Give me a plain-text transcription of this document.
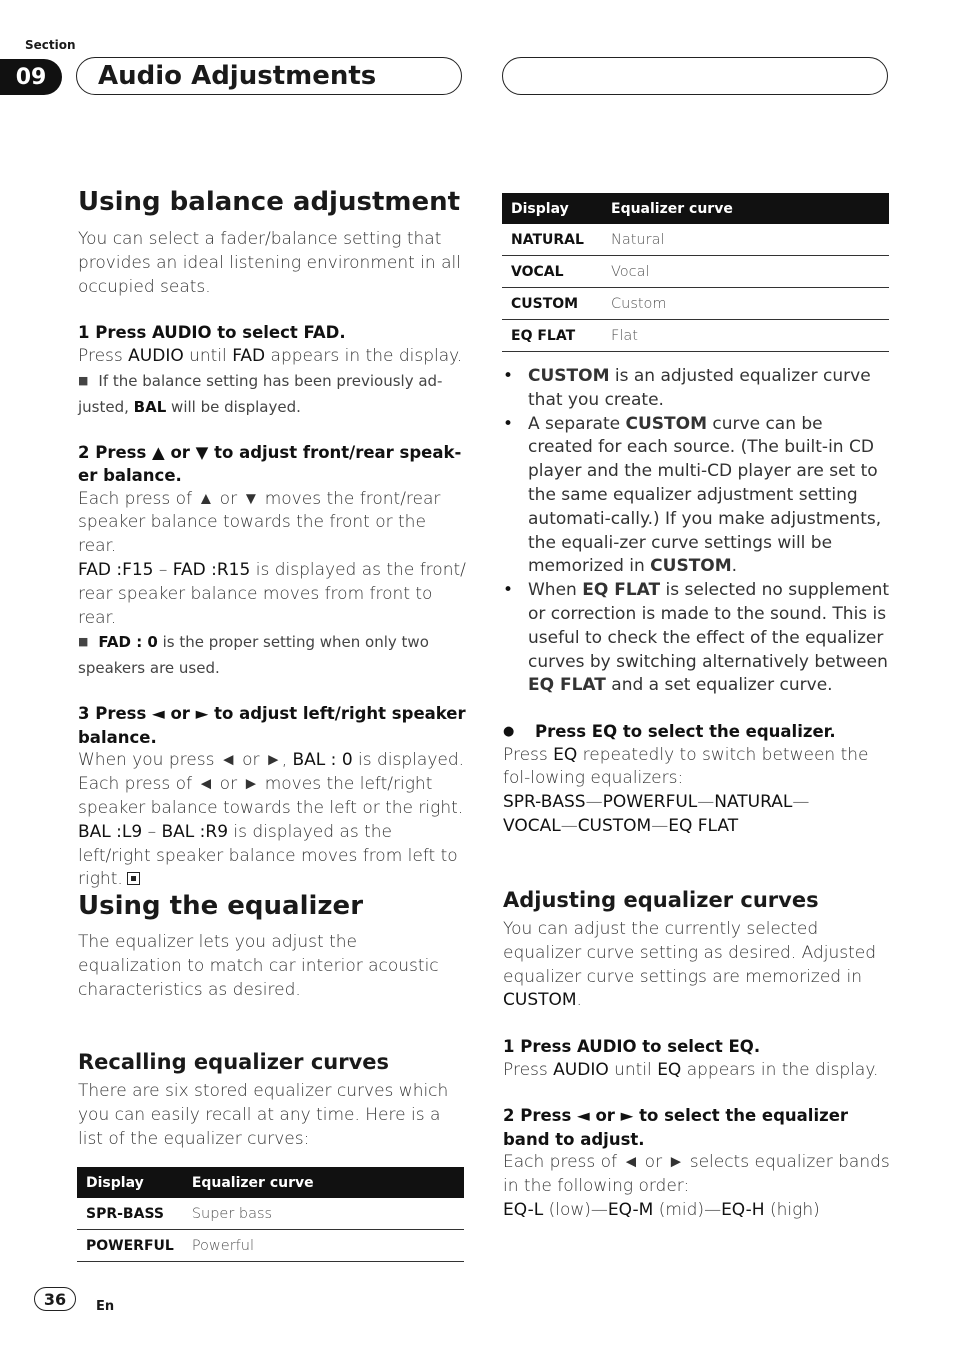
Section
09	Audio Adjustments
Using balance adjustment

You can select a fader/balance setting that provides an ideal listening environment in all occupied seats.

1 Press AUDIO to select FAD.

Press AUDIO until FAD appears in the display.

■ If the balance setting has been previously ad-justed, BAL will be displayed.

2 Press ▲ or ▼ to adjust front/rear speak-er balance.

Each press of ▲ or ▼ moves the front/rear speaker balance towards the front or the rear.
FAD :F15 – FAD :R15 is displayed as the front/ rear speaker balance moves from front to rear.

■ FAD : 0 is the proper setting when only two speakers are used.

3 Press ◄ or ► to adjust left/right speaker balance.

When you press ◄ or ►, BAL : 0 is displayed.
Each press of ◄ or ► moves the left/right speaker balance towards the left or the right.
BAL :L9 – BAL :R9 is displayed as the left/right speaker balance moves from left to right.

Using the equalizer

The equalizer lets you adjust the equalization to match car interior acoustic characteristics as desired.

Recalling equalizer curves

There are six stored equalizer curves which you can easily recall at any time. Here is a list of the equalizer curves:

Display	Equalizer curve
SPR-BASS	Super bass
POWERFUL	Powerful
Display	Equalizer curve
NATURAL	Natural
VOCAL	Vocal
CUSTOM	Custom
EQ FLAT	Flat
• CUSTOM is an adjusted equalizer curve that you create.
• A separate CUSTOM curve can be created for each source. (The built-in CD player and the multi-CD player are set to the same equalizer adjustment setting automati-cally.) If you make adjustments, the equali-zer curve settings will be memorized in CUSTOM.
• When EQ FLAT is selected no supplement or correction is made to the sound. This is useful to check the effect of the equalizer curves by switching alternatively between EQ FLAT and a set equalizer curve.

● Press EQ to select the equalizer.

Press EQ repeatedly to switch between the fol-lowing equalizers:

SPR-BASS—POWERFUL—NATURAL—
VOCAL—CUSTOM—EQ FLAT

Adjusting equalizer curves

You can adjust the currently selected equalizer curve setting as desired. Adjusted equalizer curve settings are memorized in CUSTOM.

1 Press AUDIO to select EQ.

Press AUDIO until EQ appears in the display.

2 Press ◄ or ► to select the equalizer band to adjust.

Each press of ◄ or ► selects equalizer bands in the following order:

EQ-L (low)—EQ-M (mid)—EQ-H (high)

36	En
